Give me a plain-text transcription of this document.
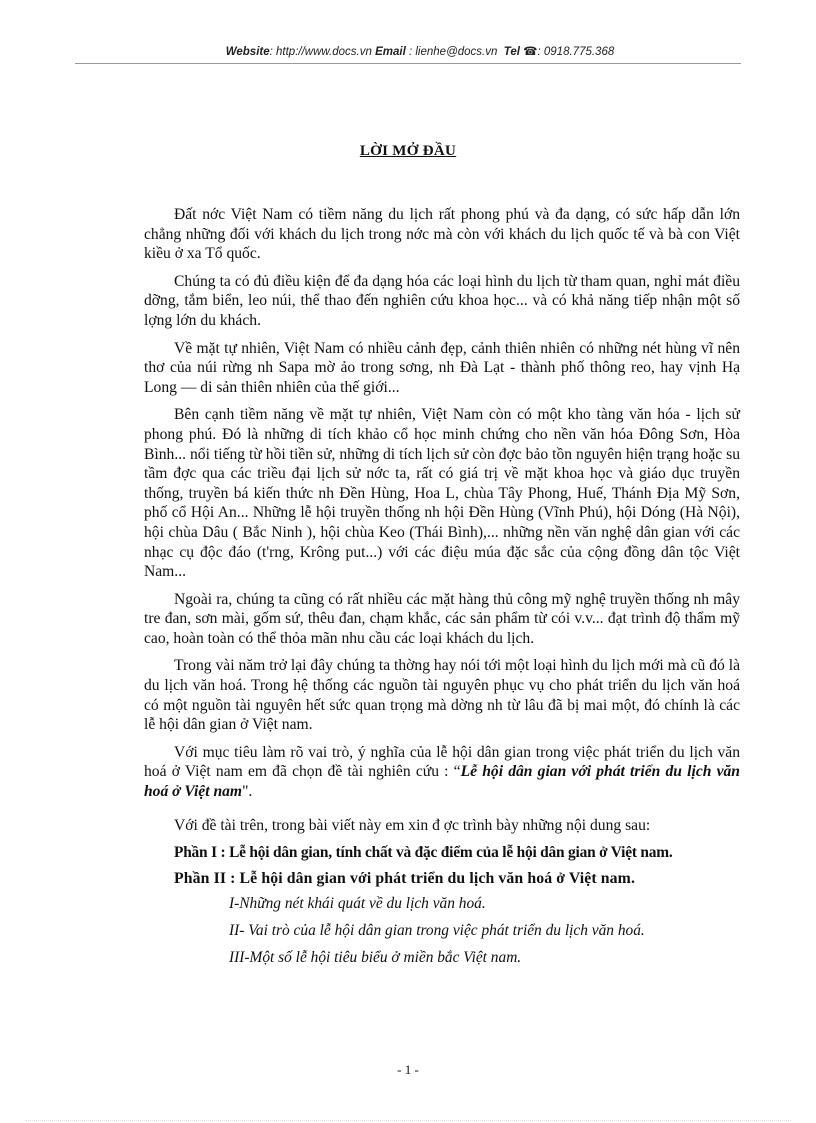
Website: http://www.docs.vn Email : lienhe@docs.vn Tel ☎: 0918.775.368
LỜI MỞ ĐẦU

Đất nớc Việt Nam có tiềm năng du lịch rất phong phú và đa dạng, có sức hấp dẫn lớn chẳng những đối với khách du lịch trong nớc mà còn với khách du lịch quốc tế và bà con Việt kiều ở xa Tổ quốc.

Chúng ta có đủ điều kiện để đa dạng hóa các loại hình du lịch từ tham quan, nghỉ mát điều dỡng, tắm biển, leo núi, thể thao đến nghiên cứu khoa học... và có khả năng tiếp nhận một số lợng lớn du khách.

Về mặt tự nhiên, Việt Nam có nhiều cảnh đẹp, cảnh thiên nhiên có những nét hùng vĩ nên thơ của núi rừng nh Sapa mờ ảo trong sơng, nh Đà Lạt - thành phố thông reo, hay vịnh Hạ Long — di sản thiên nhiên của thế giới...

Bên cạnh tiềm năng về mặt tự nhiên, Việt Nam còn có một kho tàng văn hóa - lịch sử phong phú. Đó là những di tích khảo cổ học minh chứng cho nền văn hóa Đông Sơn, Hòa Bình... nổi tiếng từ hồi tiền sử, những di tích lịch sử còn đợc bảo tồn nguyên hiện trạng hoặc su tầm đợc qua các triều đại lịch sử nớc ta, rất có giá trị về mặt khoa học và giáo dục truyền thống, truyền bá kiến thức nh Đền Hùng, Hoa L, chùa Tây Phong, Huế, Thánh Địa Mỹ Sơn, phố cổ Hội An... Những lễ hội truyền thống nh hội Đền Hùng (Vĩnh Phú), hội Dóng (Hà Nội), hội chùa Dâu ( Bắc Ninh ), hội chùa Keo (Thái Bình),... những nền văn nghệ dân gian với các nhạc cụ độc đáo (t'rng, Krông put...) với các điệu múa đặc sắc của cộng đồng dân tộc Việt Nam...

Ngoài ra, chúng ta cũng có rất nhiều các mặt hàng thủ công mỹ nghệ truyền thống nh mây tre đan, sơn mài, gốm sứ, thêu đan, chạm khắc, các sản phẩm từ cói v.v... đạt trình độ thẩm mỹ cao, hoàn toàn có thể thỏa mãn nhu cầu các loại khách du lịch.

Trong vài năm trở lại đây chúng ta thờng hay nói tới một loại hình du lịch mới mà cũ đó là du lịch văn hoá. Trong hệ thống các nguồn tài nguyên phục vụ cho phát triển du lịch văn hoá có một nguồn tài nguyên hết sức quan trọng mà dờng nh từ lâu đã bị mai một, đó chính là các lễ hội dân gian ở Việt nam.

Với mục tiêu làm rõ vai trò, ý nghĩa của lễ hội dân gian trong việc phát triển du lịch văn hoá ở Việt nam em đã chọn đề tài nghiên cứu : “Lễ hội dân gian với phát triển du lịch văn hoá ở Việt nam".

Với đề tài trên, trong bài viết này em xin đ ợc trình bày những nội dung sau:

Phần I : Lễ hội dân gian, tính chất và đặc điểm của lễ hội dân gian ở Việt nam.

Phần II : Lễ hội dân gian với phát triển du lịch văn hoá ở Việt nam.

I-Những nét khái quát về du lịch văn hoá.

II- Vai trò của lễ hội dân gian trong việc phát triển du lịch văn hoá.

III-Một số lễ hội tiêu biểu ở miền bắc Việt nam.

- 1 -
